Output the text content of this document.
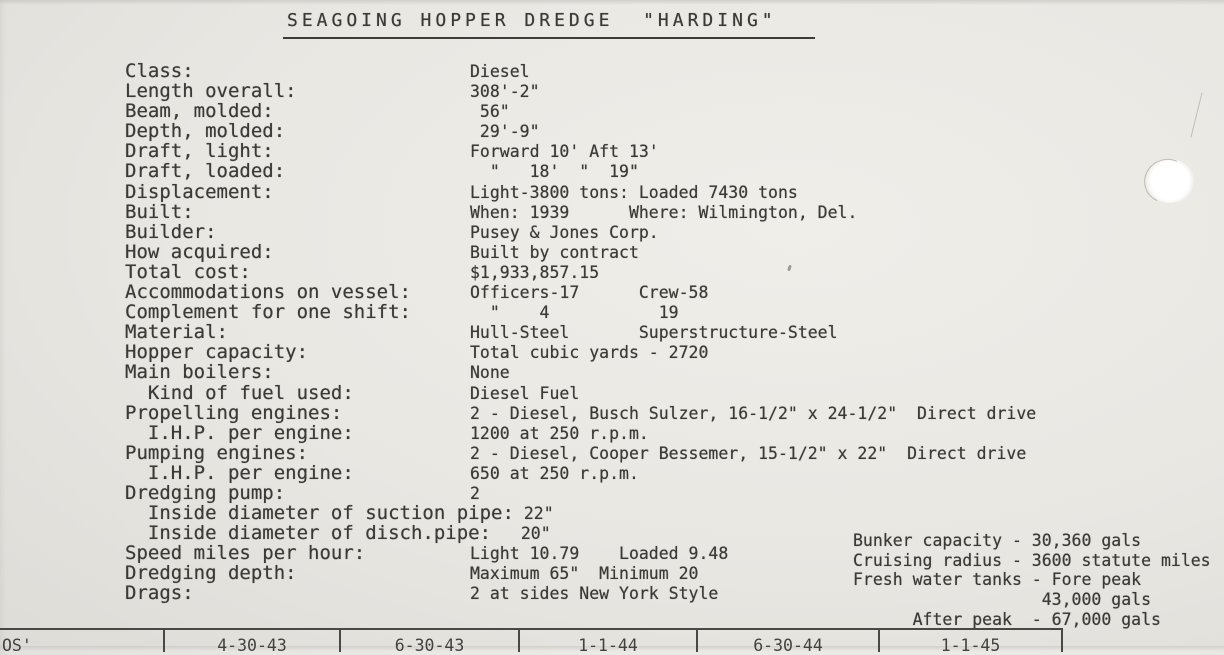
SEAGOING HOPPER DREDGE  "HARDING"
Class:	Diesel
Length overall:	308'-2"
Beam, molded:	56"
Depth, molded:	29'-9"
Draft, light:	Forward 10' Aft 13'
Draft, loaded:	"   18'  "  19"
Displacement:	Light-3800 tons: Loaded 7430 tons
Built:	When: 1939      Where: Wilmington, Del.
Builder:	Pusey & Jones Corp.
How acquired:	Built by contract
Total cost:	$1,933,857.15
Accommodations on vessel:	Officers-17      Crew-58
Complement for one shift:	"    4           19
Material:	Hull-Steel       Superstructure-Steel
Hopper capacity:	Total cubic yards - 2720
Main boilers:	None
Kind of fuel used:	Diesel Fuel
Propelling engines:	2 - Diesel, Busch Sulzer, 16-1/2" x 24-1/2"  Direct drive
I.H.P. per engine:	1200 at 250 r.p.m.
Pumping engines:	2 - Diesel, Cooper Bessemer, 15-1/2" x 22"  Direct drive
I.H.P. per engine:	650 at 250 r.p.m.
Dredging pump:	2
Inside diameter of suction pipe: 22"
Inside diameter of disch.pipe: 20"
Speed miles per hour:	Light 10.79    Loaded 9.48
Dredging depth:	Maximum 65"  Minimum 20
Drags:	2 at sides New York Style
Bunker capacity - 30,360 gals
Cruising radius - 3600 statute miles
Fresh water tanks - Fore peak
43,000 gals
After peak  - 67,000 gals
OS'	4-30-43	6-30-43	1-1-44	6-30-44	1-1-45
